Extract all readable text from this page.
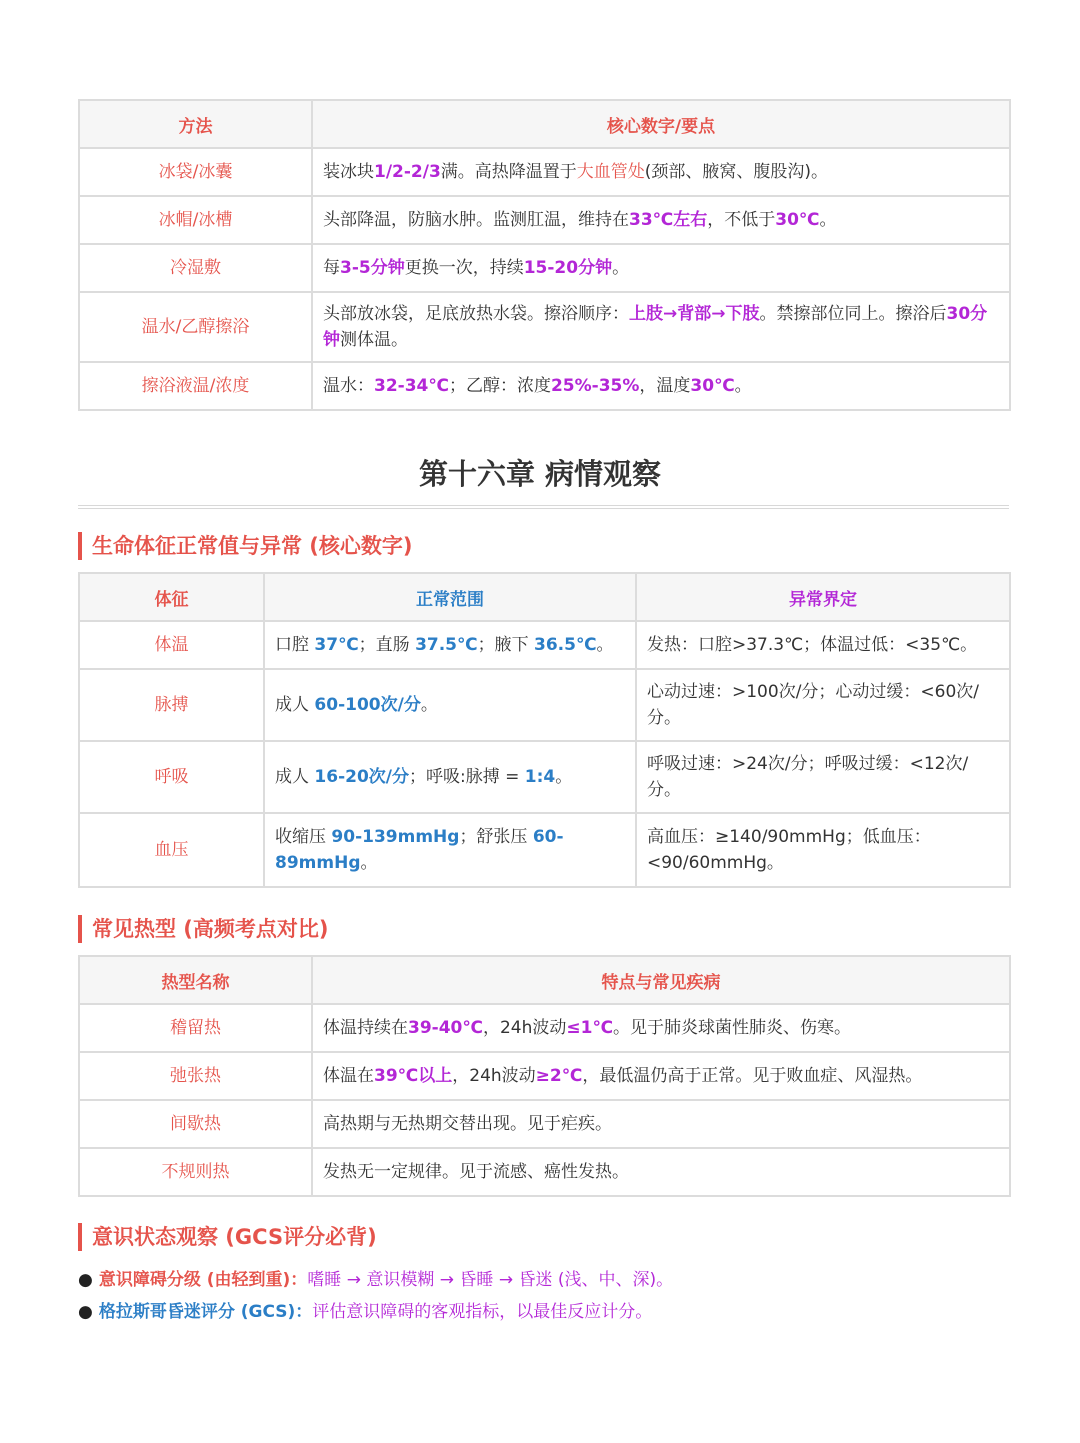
方法	核心数字/要点
冰袋/冰囊	装冰块1/2-2/3满。高热降温置于大血管处(颈部、腋窝、腹股沟)。
冰帽/冰槽	头部降温，防脑水肿。监测肛温，维持在33℃左右，不低于30℃。
冷湿敷	每3-5分钟更换一次，持续15-20分钟。
温水/乙醇擦浴	头部放冰袋，足底放热水袋。擦浴顺序：上肢→背部→下肢。禁擦部位同上。擦浴后30分钟测体温。
擦浴液温/浓度	温水：32-34℃；乙醇：浓度25%-35%，温度30℃。
第十六章 病情观察
生命体征正常值与异常 (核心数字)
体征	正常范围	异常界定
体温	口腔 37℃；直肠 37.5℃；腋下 36.5℃。	发热：口腔>37.3℃；体温过低：<35℃。
脉搏	成人 60-100次/分。	心动过速：>100次/分；心动过缓：<60次/分。
呼吸	成人 16-20次/分；呼吸:脉搏 = 1:4。	呼吸过速：>24次/分；呼吸过缓：<12次/分。
血压	收缩压 90-139mmHg；舒张压 60-89mmHg。	高血压：≥140/90mmHg；低血压：<90/60mmHg。
常见热型 (高频考点对比)
热型名称	特点与常见疾病
稽留热	体温持续在39-40℃，24h波动≤1℃。见于肺炎球菌性肺炎、伤寒。
弛张热	体温在39℃以上，24h波动≥2℃，最低温仍高于正常。见于败血症、风湿热。
间歇热	高热期与无热期交替出现。见于疟疾。
不规则热	发热无一定规律。见于流感、癌性发热。
意识状态观察 (GCS评分必背)
● 意识障碍分级 (由轻到重)：嗜睡 → 意识模糊 → 昏睡 → 昏迷 (浅、中、深)。
● 格拉斯哥昏迷评分 (GCS)：评估意识障碍的客观指标，以最佳反应计分。
